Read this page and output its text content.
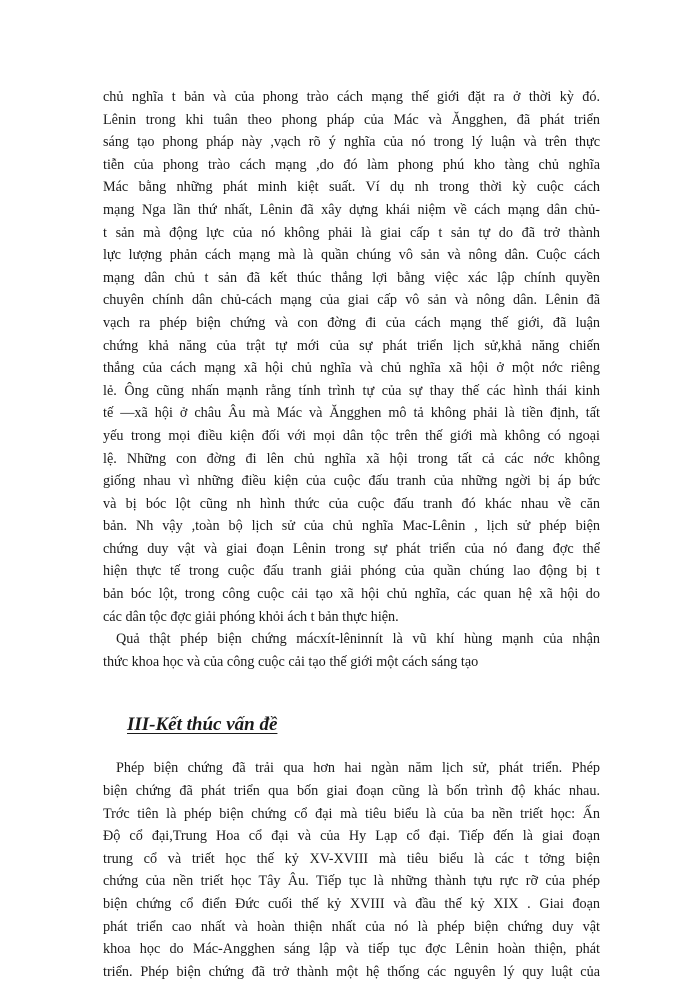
chủ nghĩa t bản và của phong trào cách mạng thế giới đặt ra ở thời kỳ đó.
Lênin trong khi tuân theo phong pháp của Mác và Ăngghen, đã phát triển
sáng tạo phong pháp này ,vạch rõ ý nghĩa của nó trong lý luận và trên thực
tiễn của phong trào cách mạng ,do đó làm phong phú kho tàng chủ nghĩa
Mác bằng những phát minh kiệt suất. Ví dụ nh trong thời kỳ cuộc cách
mạng Nga lần thứ nhất, Lênin đã xây dựng khái niệm về cách mạng dân chủ-
t sản mà động lực của nó không phải là giai cấp t sản tự do đã trở thành
lực lượng phản cách mạng mà là quần chúng vô sản và nông dân. Cuộc cách
mạng dân chủ t sản đã kết thúc thắng lợi bằng việc xác lập chính quyền
chuyên chính dân chủ-cách mạng của giai cấp vô sản và nông dân. Lênin đã
vạch ra phép biện chứng và con đờng đi của cách mạng thế giới, đã luận
chứng khả năng của trật tự mới của sự phát triển lịch sử,khả năng chiến
thắng của cách mạng xã hội chủ nghĩa và chủ nghĩa xã hội ở một nớc riêng
lẻ. Ông cũng nhấn mạnh rằng tính trình tự của sự thay thế các hình thái kinh
tế —xã hội ở châu Âu mà Mác và Ăngghen mô tả không phải là tiền định, tất
yếu trong mọi điều kiện đối với mọi dân tộc trên thế giới mà không có ngoại
lệ. Những con đờng đi lên chủ nghĩa xã hội trong tất cả các nớc không
giống nhau vì những điều kiện của cuộc đấu tranh của những ngời bị áp bức
và bị bóc lột cũng nh hình thức của cuộc đấu tranh đó khác nhau về căn
bản. Nh vậy ,toàn bộ lịch sử của chủ nghĩa Mac-Lênin , lịch sử phép biện
chứng duy vật và giai đoạn Lênin trong sự phát triển của nó đang đợc thể
hiện thực tế trong cuộc đấu tranh giải phóng của quần chúng lao động bị t
bản bóc lột, trong công cuộc cải tạo xã hội chủ nghĩa, các quan hệ xã hội do
các dân tộc đợc giải phóng khỏi ách t bản thực hiện.
Quả thật phép biện chứng mácxít-lêninnít là vũ khí hùng mạnh của nhận
thức khoa học và của công cuộc cải tạo thế giới một cách sáng tạo
III-Kết thúc vấn đề
Phép biện chứng đã trải qua hơn hai ngàn năm lịch sử, phát triển. Phép
biện chứng đã phát triển qua bốn giai đoạn cũng là bốn trình độ khác nhau.
Trớc tiên là phép biện chứng cổ đại mà tiêu biểu là của ba nền triết học: Ấn
Độ cổ đại,Trung Hoa cổ đại và của Hy Lạp cổ đại. Tiếp đến là giai đoạn
trung cổ và triết học thế kỷ XV-XVIII mà tiêu biểu là các t tởng biện
chứng của nền triết học Tây Âu. Tiếp tục là những thành tựu rực rỡ của phép
biện chứng cổ điển Đức cuối thế kỷ XVIII và đầu thế kỷ XIX . Giai đoạn
phát triển cao nhất và hoàn thiện nhất của nó là phép biện chứng duy vật
khoa học do Mác-Angghen sáng lập và tiếp tục đợc Lênin hoàn thiện, phát
triển. Phép biện chứng đã trở thành một hệ thống các nguyên lý quy luật của
